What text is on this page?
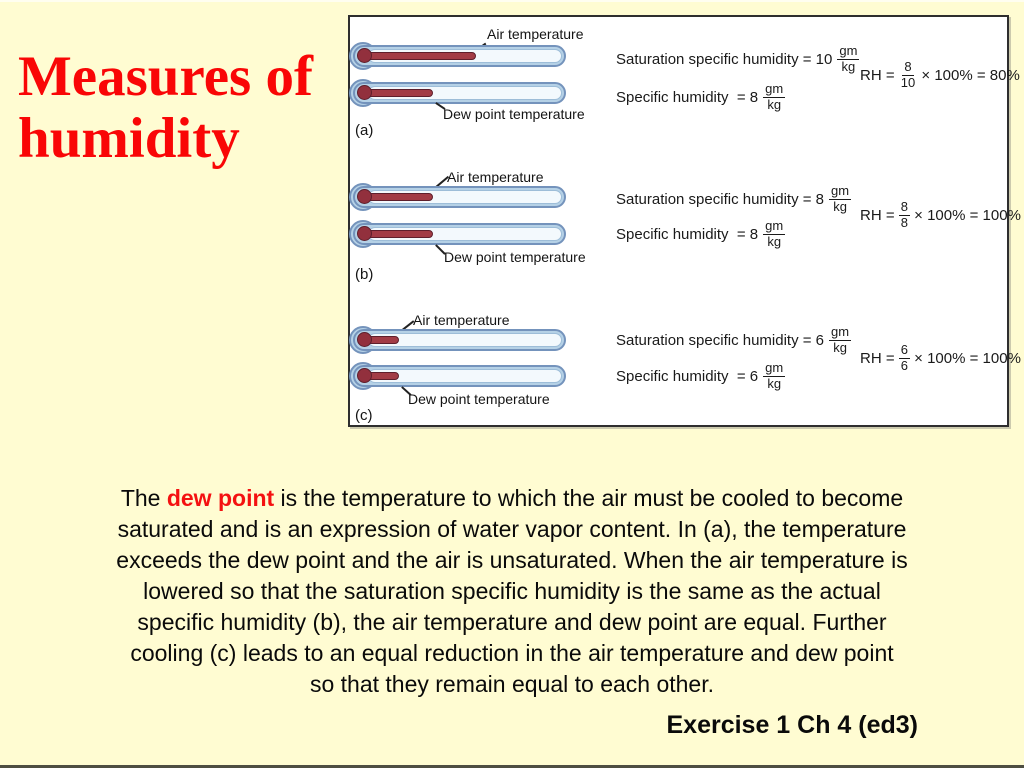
Measures of
humidity
Air temperature
Dew point temperature
(a)
Saturation specific humidity = $10 \frac{gm}{kg}$
Specific humidity  = $8 \frac{gm}{kg}$
RH = $\frac{8}{10} \times 100\% = 80\%$
Air temperature
Dew point temperature
(b)
Saturation specific humidity = $8 \frac{gm}{kg}$
Specific humidity  = $8 \frac{gm}{kg}$
RH = $\frac{8}{8} \times 100\% = 100\%$
Air temperature
Dew point temperature
(c)
Saturation specific humidity = $6 \frac{gm}{kg}$
Specific humidity  = $6 \frac{gm}{kg}$
RH = $\frac{6}{6} \times 100\% = 100\%$
The dew point is the temperature to which the air must be cooled to become
saturated and is an expression of water vapor content. In (a), the temperature
exceeds the dew point and the air is unsaturated. When the air temperature is
lowered so that the saturation specific humidity is the same as the actual
specific humidity (b), the air temperature and dew point are equal. Further
cooling (c) leads to an equal reduction in the air temperature and dew point
so that they remain equal to each other.
Exercise 1 Ch 4 (ed3)
